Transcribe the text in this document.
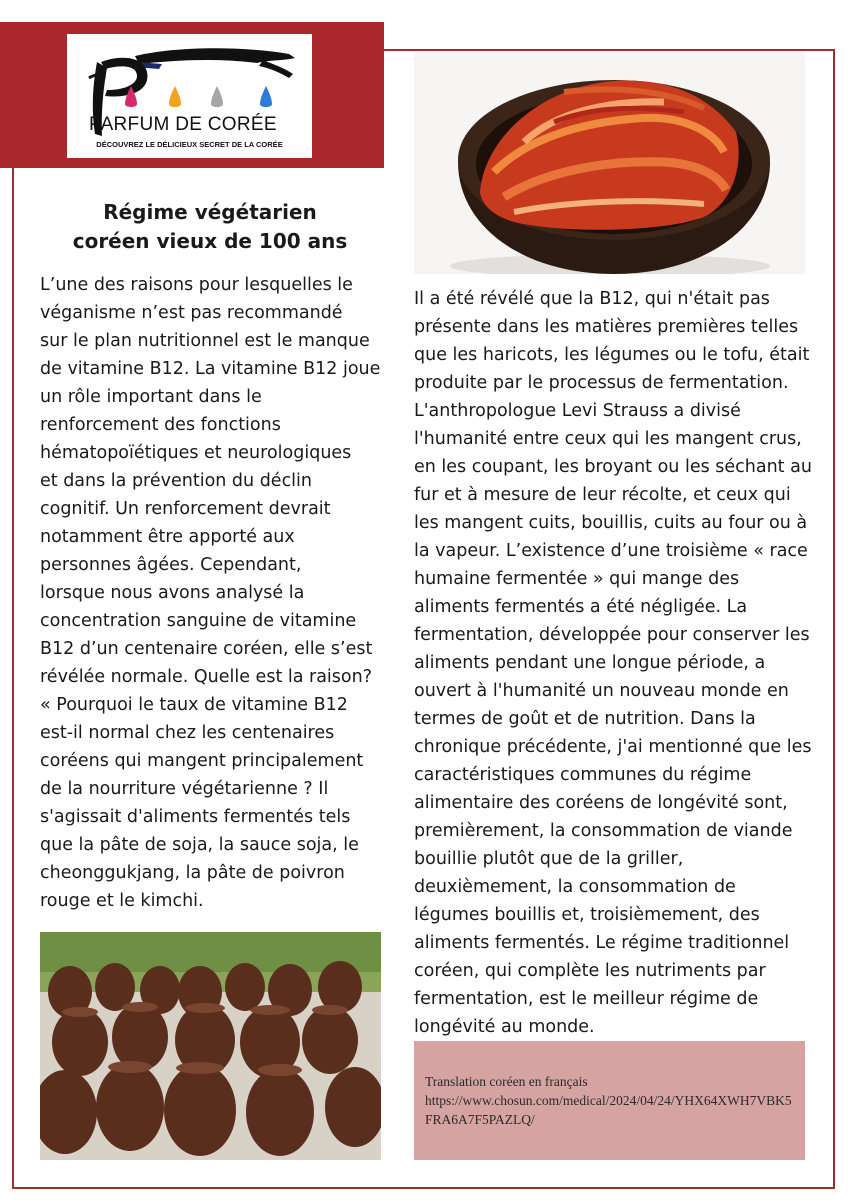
PARFUM DE CORÉE
DÉCOUVREZ LE DÉLICIEUX SECRET DE LA CORÉE
Régime végétarien
coréen vieux de 100 ans

L’une des raisons pour lesquelles le
véganisme n’est pas recommandé
sur le plan nutritionnel est le manque
de vitamine B12. La vitamine B12 joue
un rôle important dans le
renforcement des fonctions
hématopoïétiques et neurologiques
et dans la prévention du déclin
cognitif. Un renforcement devrait
notamment être apporté aux
personnes âgées. Cependant,
lorsque nous avons analysé la
concentration sanguine de vitamine
B12 d’un centenaire coréen, elle s’est
révélée normale. Quelle est la raison?
« Pourquoi le taux de vitamine B12
est-il normal chez les centenaires
coréens qui mangent principalement
de la nourriture végétarienne ? Il
s'agissait d'aliments fermentés tels
que la pâte de soja, la sauce soja, le
cheonggukjang, la pâte de poivron
rouge et le kimchi.

Il a été révélé que la B12, qui n'était pas
présente dans les matières premières telles
que les haricots, les légumes ou le tofu, était
produite par le processus de fermentation.
L'anthropologue Levi Strauss a divisé
l'humanité entre ceux qui les mangent crus,
en les coupant, les broyant ou les séchant au
fur et à mesure de leur récolte, et ceux qui
les mangent cuits, bouillis, cuits au four ou à
la vapeur. L’existence d’une troisième « race
humaine fermentée » qui mange des
aliments fermentés a été négligée. La
fermentation, développée pour conserver les
aliments pendant une longue période, a
ouvert à l'humanité un nouveau monde en
termes de goût et de nutrition. Dans la
chronique précédente, j'ai mentionné que les
caractéristiques communes du régime
alimentaire des coréens de longévité sont,
premièrement, la consommation de viande
bouillie plutôt que de la griller,
deuxièmement, la consommation de
légumes bouillis et, troisièmement, des
aliments fermentés. Le régime traditionnel
coréen, qui complète les nutriments par
fermentation, est le meilleur régime de
longévité au monde.

Translation coréen en français

https://www.chosun.com/medical/2024/04/24/YHX64XWH7VBK5FRA6A7F5PAZLQ/
